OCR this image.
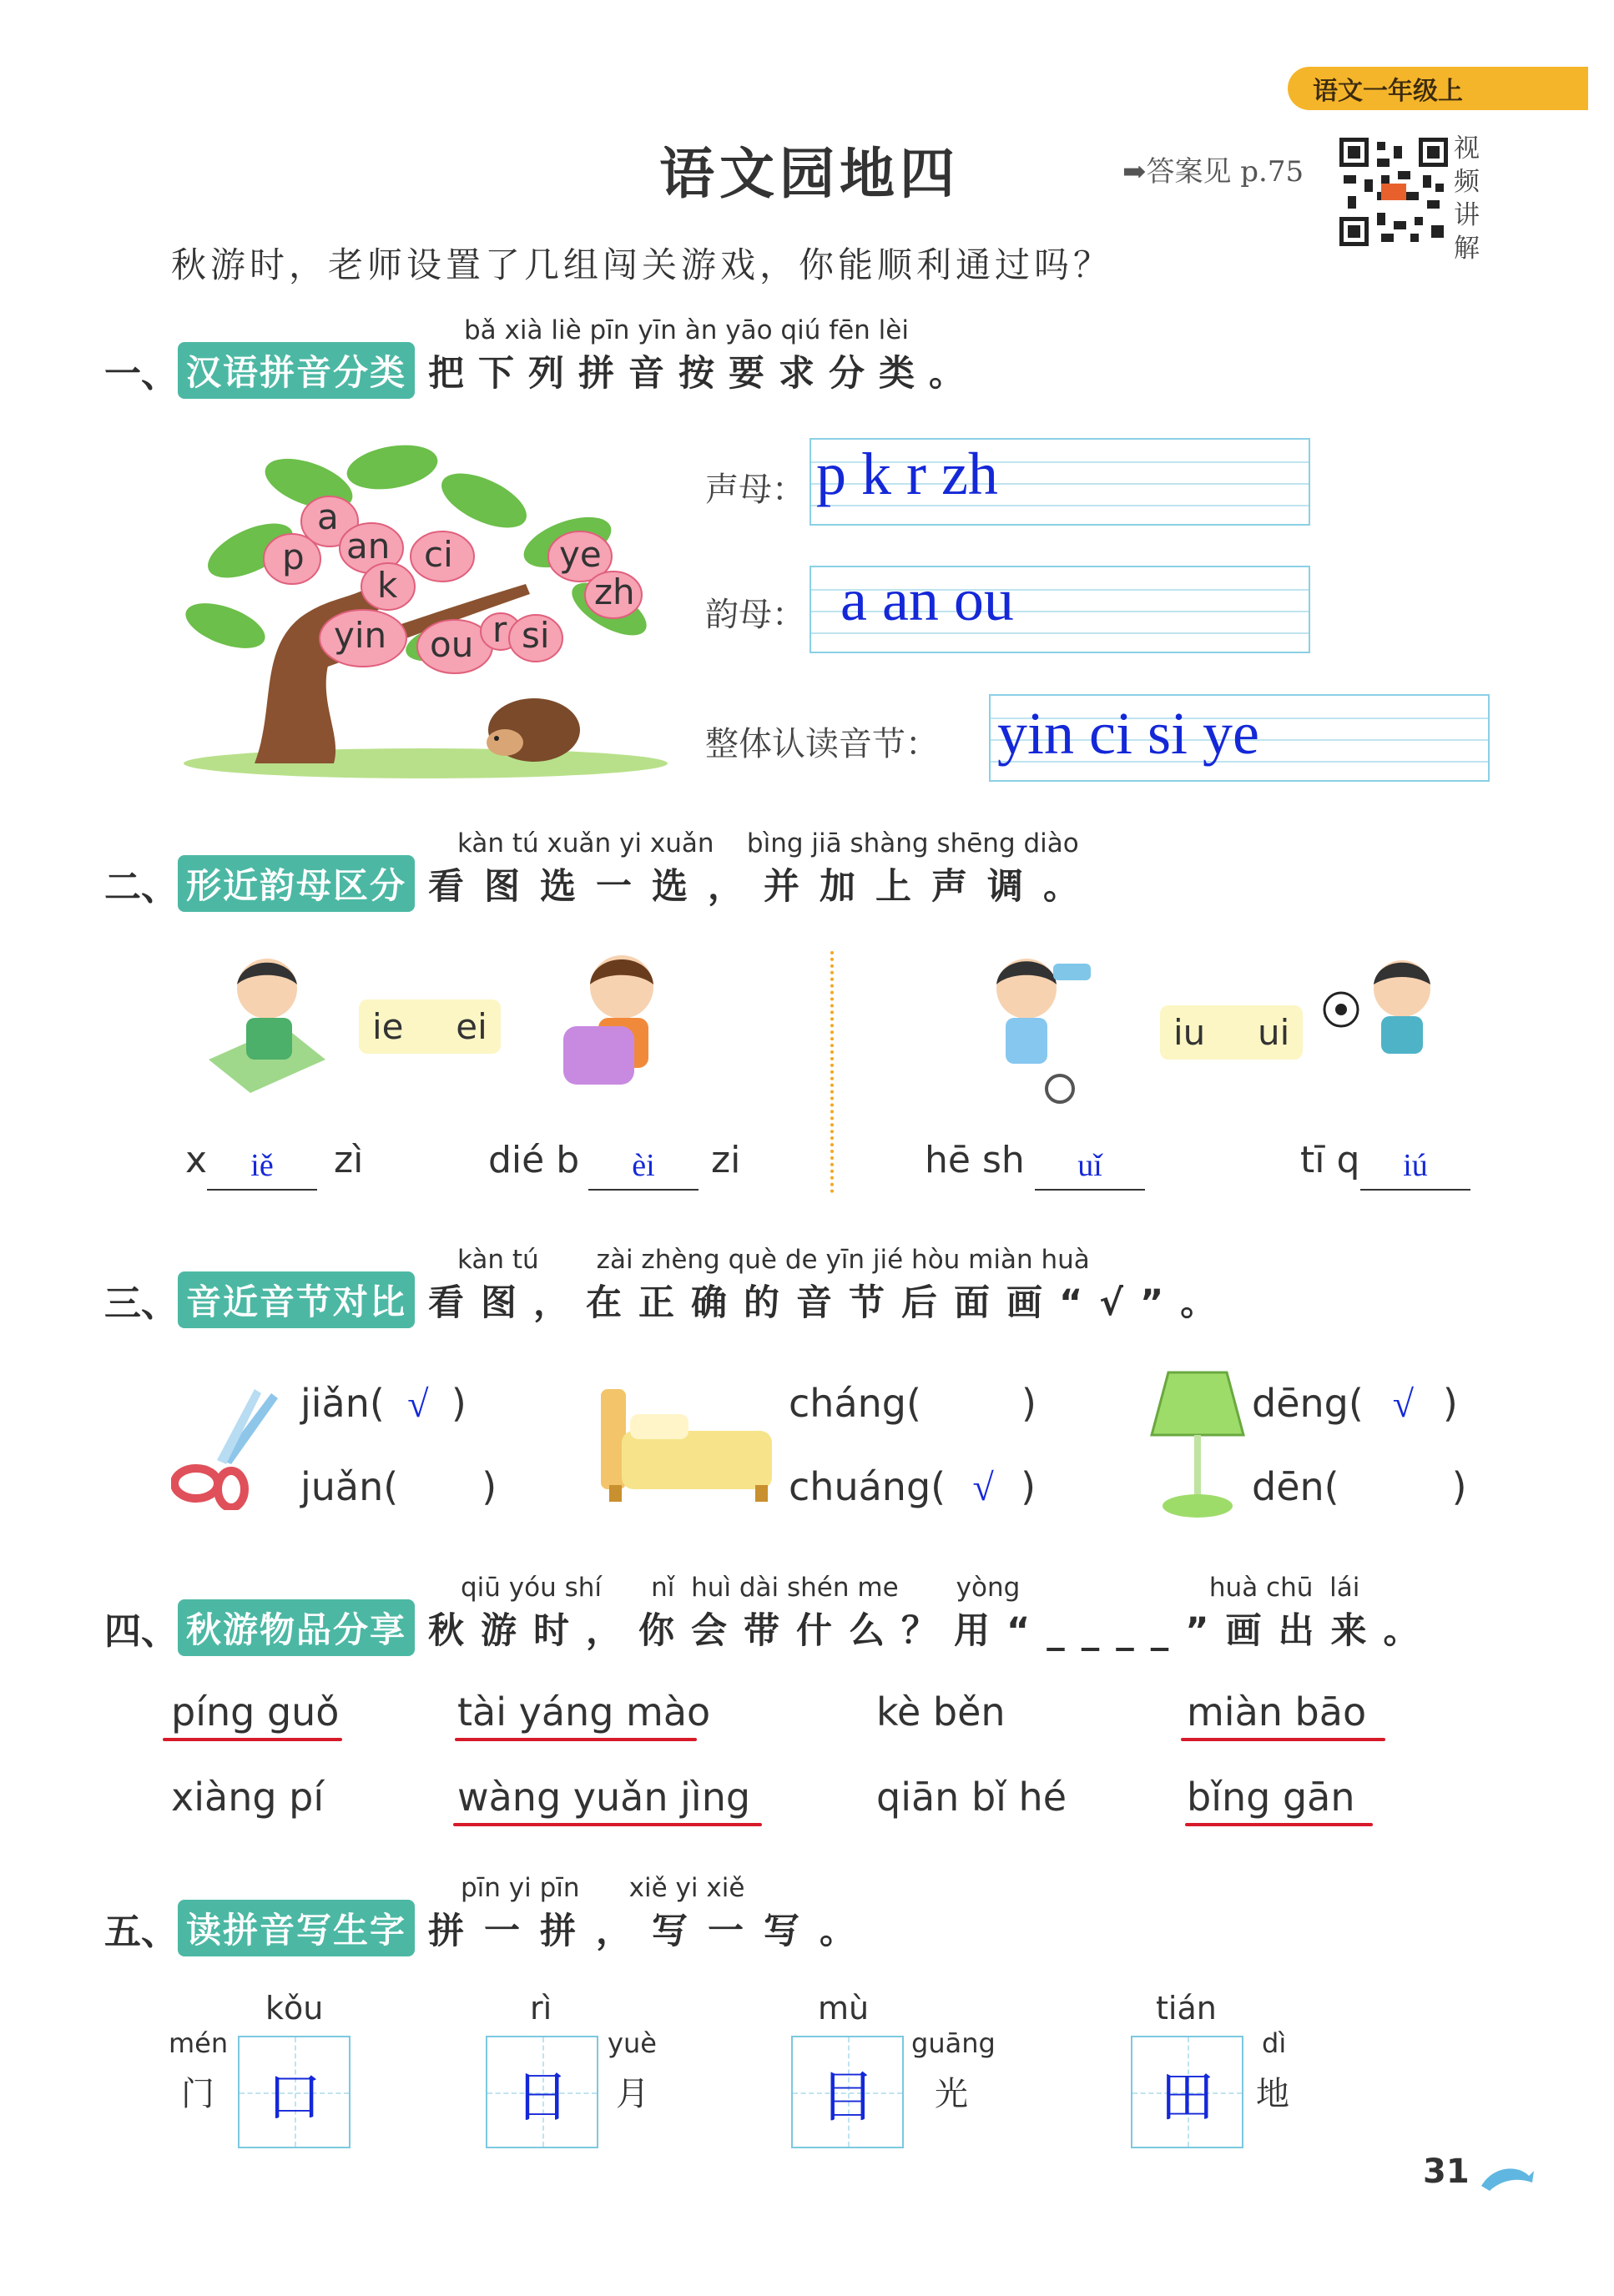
语文一年级上
语文园地四	➡答案见 p.75
视
频
讲
解
秋游时，老师设置了几组闯关游戏，你能顺利通过吗？
bǎ xià liè pīn yīn àn yāo qiú fēn lèi
一、 汉语拼音分类 把下列拼音按要求分类。
a
p an
k
ci	ye
zh
yin ou r si
声母： p k r zh
韵母： a an ou
整体认读音节： yin ci si ye
kàn tú xuǎn yi xuǎn    bìng jiā shàng shēng diào
二、 形近韵母区分 看图选一选，并加上声调。
ie ei	iu ui
x	iě	zì	dié b	èi	zi	hē sh	uǐ	tī q	iú
kàn tú       zài zhèng què de yīn jié hòu miàn huà
三、 音近音节对比 看图，在正确的音节后面画“√”。
jiǎn( √ )
juǎn( )
cháng(	)
chuáng( √ )
dēng( √ )
dēn(	)
qiū yóu shí      nǐ  huì dài shén me       yòng                       huà chū  lái
四、 秋游物品分享 秋游时，你会带什么？用“____”画出来。
píng guǒ	tài yáng mào	kè běn	miàn bāo
xiàng pí	wàng yuǎn jìng	qiān bǐ hé	bǐng gān
pīn yi pīn      xiě yi xiě
五、 读拼音写生字 拼一拼，写一写。
kǒu
mén
门 口
rì
日
yuè
月
mù
目
guāng
光
tián
田
dì
地
31
